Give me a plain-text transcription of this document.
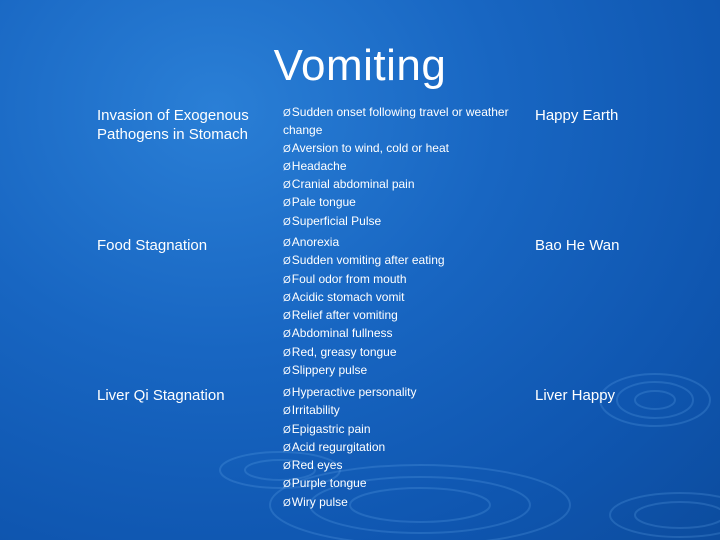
Vomiting
Invasion of Exogenous Pathogens in Stomach
ØSudden onset following travel or weather change
ØAversion to wind, cold or heat
ØHeadache
ØCranial abdominal pain
ØPale tongue
ØSuperficial Pulse
Happy Earth
Food Stagnation	ØAnorexia
ØSudden vomiting after eating
ØFoul odor from mouth
ØAcidic stomach vomit
ØRelief after vomiting
ØAbdominal fullness
ØRed, greasy tongue
ØSlippery pulse
Bao He Wan
Liver Qi Stagnation	ØHyperactive personality
ØIrritability
ØEpigastric pain
ØAcid regurgitation
ØRed eyes
ØPurple tongue
ØWiry pulse
Liver Happy
